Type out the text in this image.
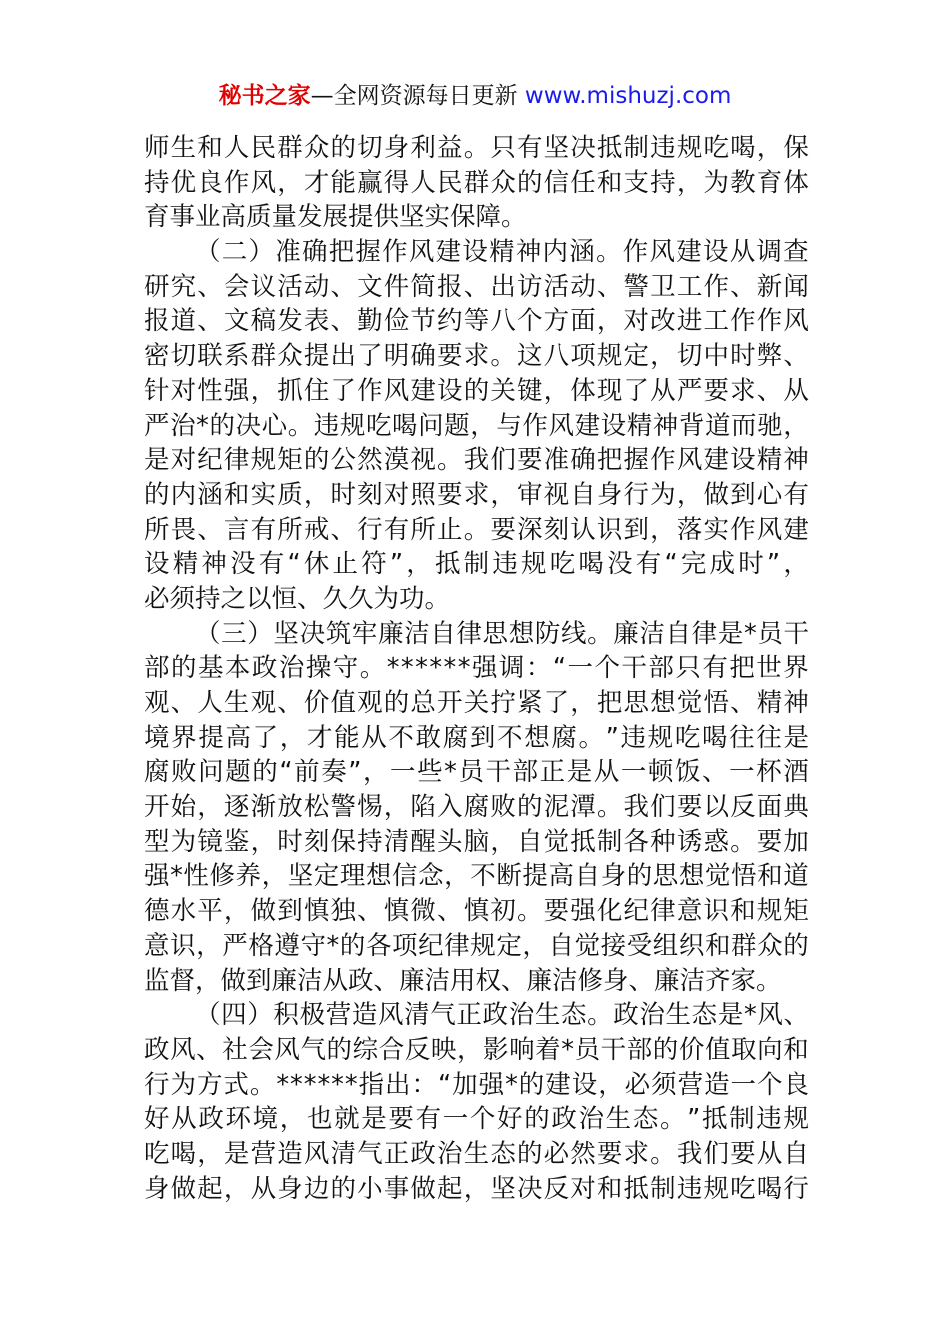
秘书之家—全网资源每日更新 www.mishuzj.com
师 生 和 人 民 群 众 的 切 身 利 益 。 只 有 坚 决 抵 制 违 规 吃 喝 ， 保
持 优 良 作 风 ， 才 能 赢 得 人 民 群 众 的 信 任 和 支 持 ， 为 教 育 体
育事业高质量发展提供坚实保障。
（ 二 ） 准 确 把 握 作 风 建 设 精 神 内 涵 。 作 风 建 设 从 调 查
研 究 、 会 议 活 动 、 文 件 简 报 、 出 访 活 动 、 警 卫 工 作 、 新 闻
报 道 、 文 稿 发 表 、 勤 俭 节 约 等 八 个 方 面 ， 对 改 进 工 作 作 风
密 切 联 系 群 众 提 出 了 明 确 要 求 。 这 八 项 规 定 ， 切 中 时 弊 、
针 对 性 强 ， 抓 住 了 作 风 建 设 的 关 键 ， 体 现 了 从 严 要 求 、 从
严 治 * 的 决 心 。 违 规 吃 喝 问 题 ， 与 作 风 建 设 精 神 背 道 而 驰 ，
是 对 纪 律 规 矩 的 公 然 漠 视 。 我 们 要 准 确 把 握 作 风 建 设 精 神
的 内 涵 和 实 质 ， 时 刻 对 照 要 求 ， 审 视 自 身 行 为 ， 做 到 心 有
所 畏 、 言 有 所 戒 、 行 有 所 止 。 要 深 刻 认 识 到 ， 落 实 作 风 建
设 精 神 没 有 “ 休 止 符 ” ， 抵 制 违 规 吃 喝 没 有 “ 完 成 时 ” ，
必须持之以恒、久久为功。
（ 三 ） 坚 决 筑 牢 廉 洁 自 律 思 想 防 线 。 廉 洁 自 律 是 * 员 干
部 的 基 本 政 治 操 守 。 * * * * * * 强 调 ： “ 一 个 干 部 只 有 把 世 界
观 、 人 生 观 、 价 值 观 的 总 开 关 拧 紧 了 ， 把 思 想 觉 悟 、 精 神
境 界 提 高 了 ， 才 能 从 不 敢 腐 到 不 想 腐 。 ” 违 规 吃 喝 往 往 是
腐 败 问 题 的 “ 前 奏 ” ， 一 些 * 员 干 部 正 是 从 一 顿 饭 、 一 杯 酒
开 始 ， 逐 渐 放 松 警 惕 ， 陷 入 腐 败 的 泥 潭 。 我 们 要 以 反 面 典
型 为 镜 鉴 ， 时 刻 保 持 清 醒 头 脑 ， 自 觉 抵 制 各 种 诱 惑 。 要 加
强 * 性 修 养 ， 坚 定 理 想 信 念 ， 不 断 提 高 自 身 的 思 想 觉 悟 和 道
德 水 平 ， 做 到 慎 独 、 慎 微 、 慎 初 。 要 强 化 纪 律 意 识 和 规 矩
意 识 ， 严 格 遵 守 * 的 各 项 纪 律 规 定 ， 自 觉 接 受 组 织 和 群 众 的
监督，做到廉洁从政、廉洁用权、廉洁修身、廉洁齐家。
（ 四 ） 积 极 营 造 风 清 气 正 政 治 生 态 。 政 治 生 态 是 * 风 、
政 风 、 社 会 风 气 的 综 合 反 映 ， 影 响 着 * 员 干 部 的 价 值 取 向 和
行 为 方 式 。 * * * * * * 指 出 ： “ 加 强 * 的 建 设 ， 必 须 营 造 一 个 良
好 从 政 环 境 ， 也 就 是 要 有 一 个 好 的 政 治 生 态 。 ” 抵 制 违 规
吃 喝 ， 是 营 造 风 清 气 正 政 治 生 态 的 必 然 要 求 。 我 们 要 从 自
身 做 起 ， 从 身 边 的 小 事 做 起 ， 坚 决 反 对 和 抵 制 违 规 吃 喝 行
